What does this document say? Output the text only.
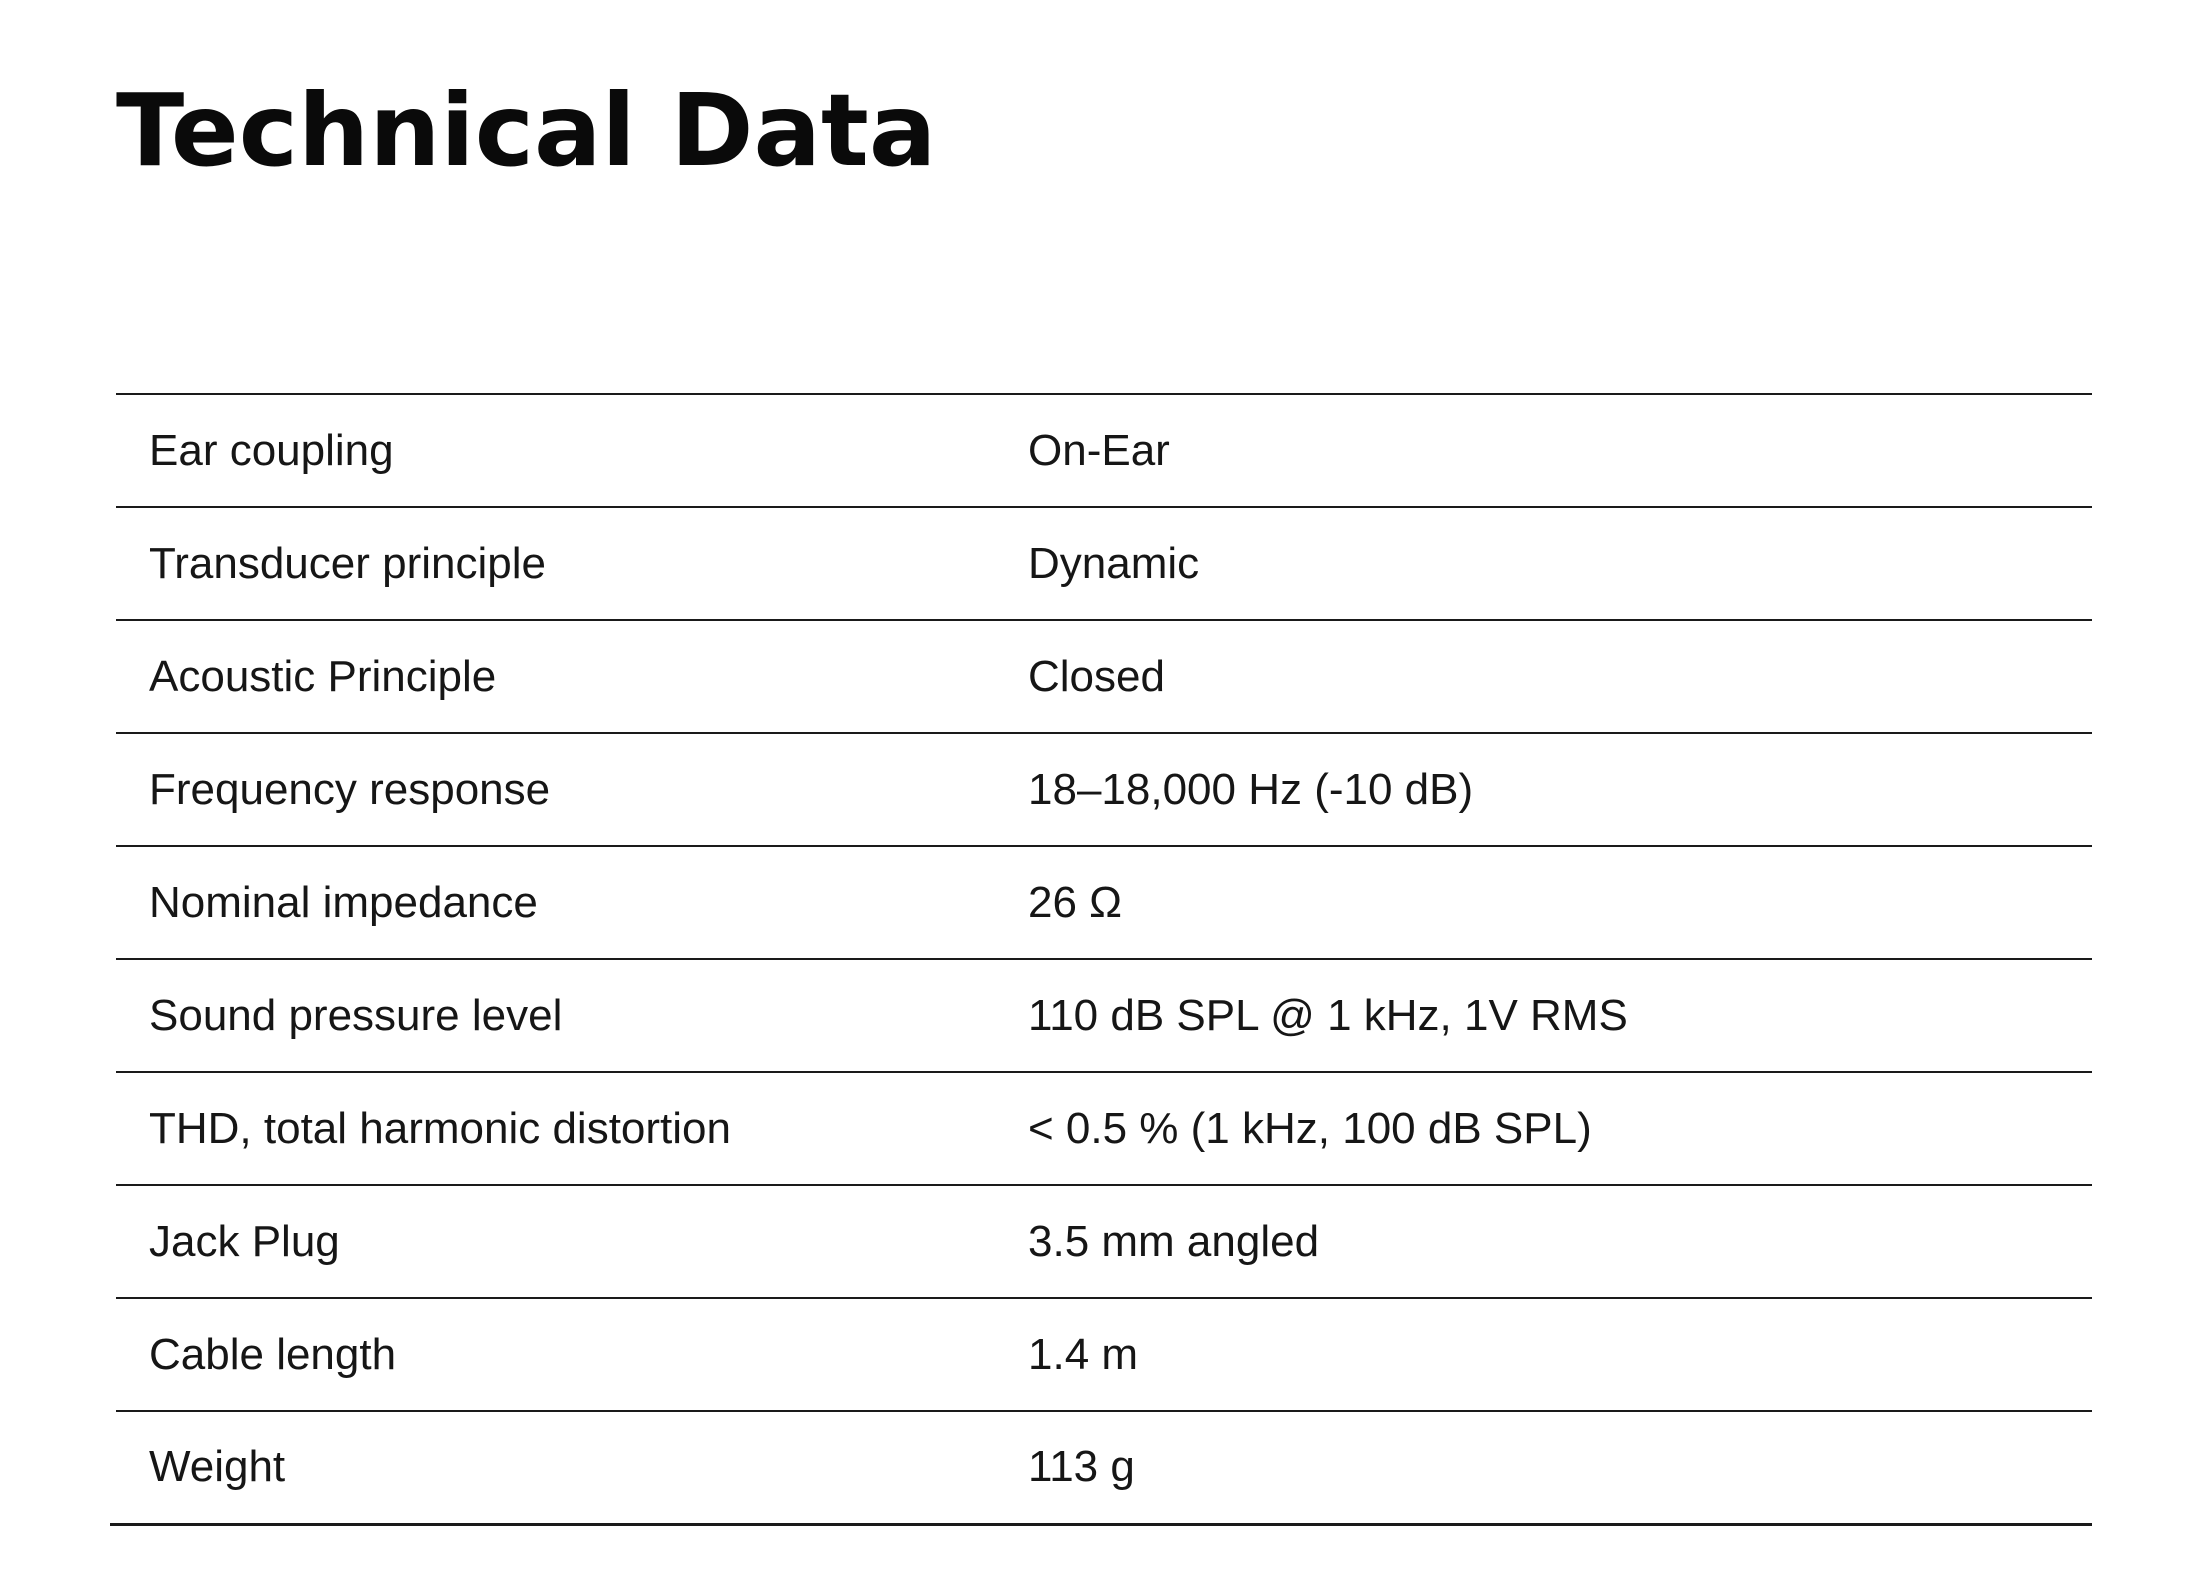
Technical Data
Ear coupling	On-Ear
Transducer principle	Dynamic
Acoustic Principle	Closed
Frequency response	18–18,000 Hz (-10 dB)
Nominal impedance	26 Ω
Sound pressure level	110 dB SPL @ 1 kHz, 1V RMS
THD, total harmonic distortion	< 0.5 % (1 kHz, 100 dB SPL)
Jack Plug	3.5 mm angled
Cable length	1.4 m
Weight	113 g
